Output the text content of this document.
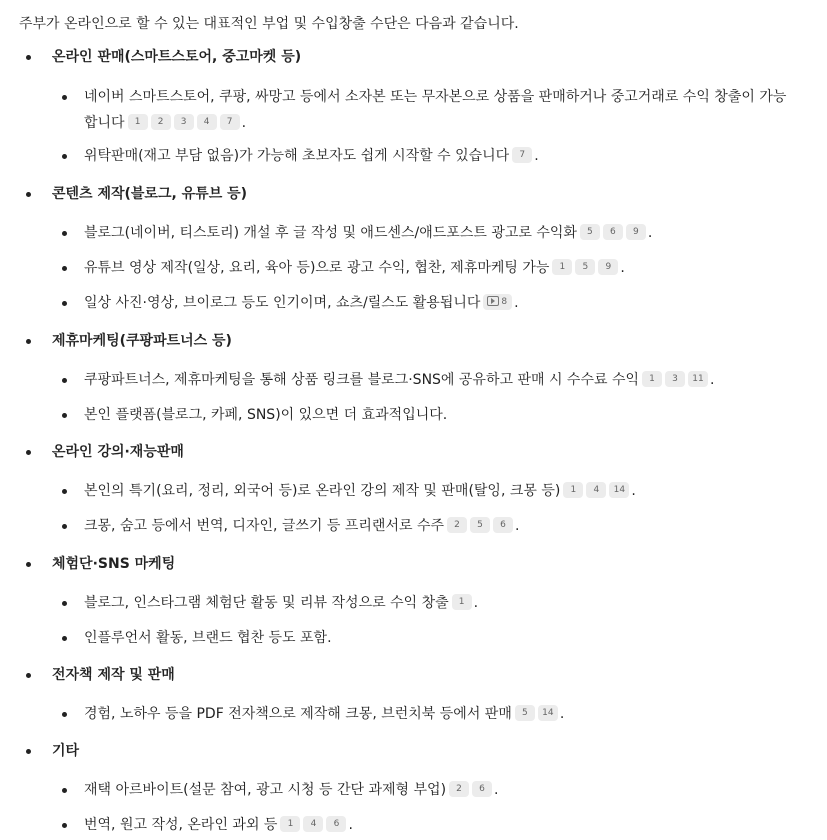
주부가 온라인으로 할 수 있는 대표적인 부업 및 수입창출 수단은 다음과 같습니다.
온라인 판매(스마트스토어, 중고마켓 등)
네이버 스마트스토어, 쿠팡, 싸망고 등에서 소자본 또는 무자본으로 상품을 판매하거나 중고거래로 수익 창출이 가능합니다 1 2 3 4 7 .
위탁판매(재고 부담 없음)가 가능해 초보자도 쉽게 시작할 수 있습니다 7 .
콘텐츠 제작(블로그, 유튜브 등)
블로그(네이버, 티스토리) 개설 후 글 작성 및 애드센스/애드포스트 광고로 수익화 5 6 9 .
유튜브 영상 제작(일상, 요리, 육아 등)으로 광고 수익, 협찬, 제휴마케팅 가능 1 5 9 .
일상 사진·영상, 브이로그 등도 인기이며, 쇼츠/릴스도 활용됩니다 8 .
제휴마케팅(쿠팡파트너스 등)
쿠팡파트너스, 제휴마케팅을 통해 상품 링크를 블로그·SNS에 공유하고 판매 시 수수료 수익 1 3 11 .
본인 플랫폼(블로그, 카페, SNS)이 있으면 더 효과적입니다.
온라인 강의·재능판매
본인의 특기(요리, 정리, 외국어 등)로 온라인 강의 제작 및 판매(탈잉, 크몽 등) 1 4 14 .
크몽, 숨고 등에서 번역, 디자인, 글쓰기 등 프리랜서로 수주 2 5 6 .
체험단·SNS 마케팅
블로그, 인스타그램 체험단 활동 및 리뷰 작성으로 수익 창출 1 .
인플루언서 활동, 브랜드 협찬 등도 포함.
전자책 제작 및 판매
경험, 노하우 등을 PDF 전자책으로 제작해 크몽, 브런치북 등에서 판매 5 14 .
기타
재택 아르바이트(설문 참여, 광고 시청 등 간단 과제형 부업) 2 6 .
번역, 원고 작성, 온라인 과외 등 1 4 6 .
